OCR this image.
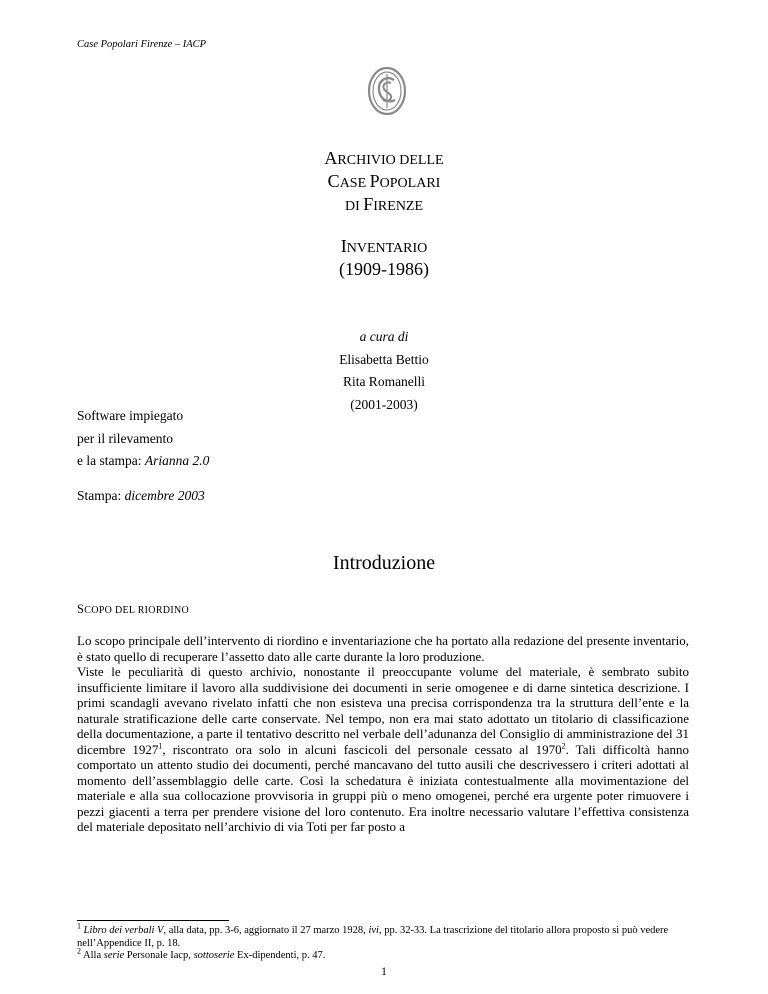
Case Popolari Firenze – IACP
ARCHIVIO DELLE
CASE POPOLARI
DI FIRENZE
INVENTARIO
(1909-1986)
a cura di
Elisabetta Bettio
Rita Romanelli
(2001-2003)
Software impiegato
per il rilevamento
e la stampa: Arianna 2.0
Stampa: dicembre 2003
Introduzione
SCOPO DEL RIORDINO

Lo scopo principale dell’intervento di riordino e inventariazione che ha portato alla redazione del presente inventario, è stato quello di recuperare l’assetto dato alle carte durante la loro produzione.

Viste le peculiarità di questo archivio, nonostante il preoccupante volume del materiale, è sembrato subito insufficiente limitare il lavoro alla suddivisione dei documenti in serie omogenee e di darne sintetica descrizione. I primi scandagli avevano rivelato infatti che non esisteva una precisa corrispondenza tra la struttura dell’ente e la naturale stratificazione delle carte conservate. Nel tempo, non era mai stato adottato un titolario di classificazione della documentazione, a parte il tentativo descritto nel verbale dell’adunanza del Consiglio di amministrazione del 31 dicembre 1927$^1$, riscontrato ora solo in alcuni fascicoli del personale cessato al 1970$^2$. Tali difficoltà hanno comportato un attento studio dei documenti, perché mancavano del tutto ausili che descrivessero i criteri adottati al momento dell’assemblaggio delle carte. Così la schedatura è iniziata contestualmente alla movimentazione del materiale e alla sua collocazione provvisoria in gruppi più o meno omogenei, perché era urgente poter rimuovere i pezzi giacenti a terra per prendere visione del loro contenuto. Era inoltre necessario valutare l’effettiva consistenza del materiale depositato nell’archivio di via Toti per far posto a

$^1$ Libro dei verbali V, alla data, pp. 3-6, aggiornato il 27 marzo 1928, ivi, pp. 32-33. La trascrizione del titolario allora proposto si può vedere nell’Appendice II, p. 18.

$^2$ Alla serie Personale Iacp, sottoserie Ex-dipendenti, p. 47.

1
